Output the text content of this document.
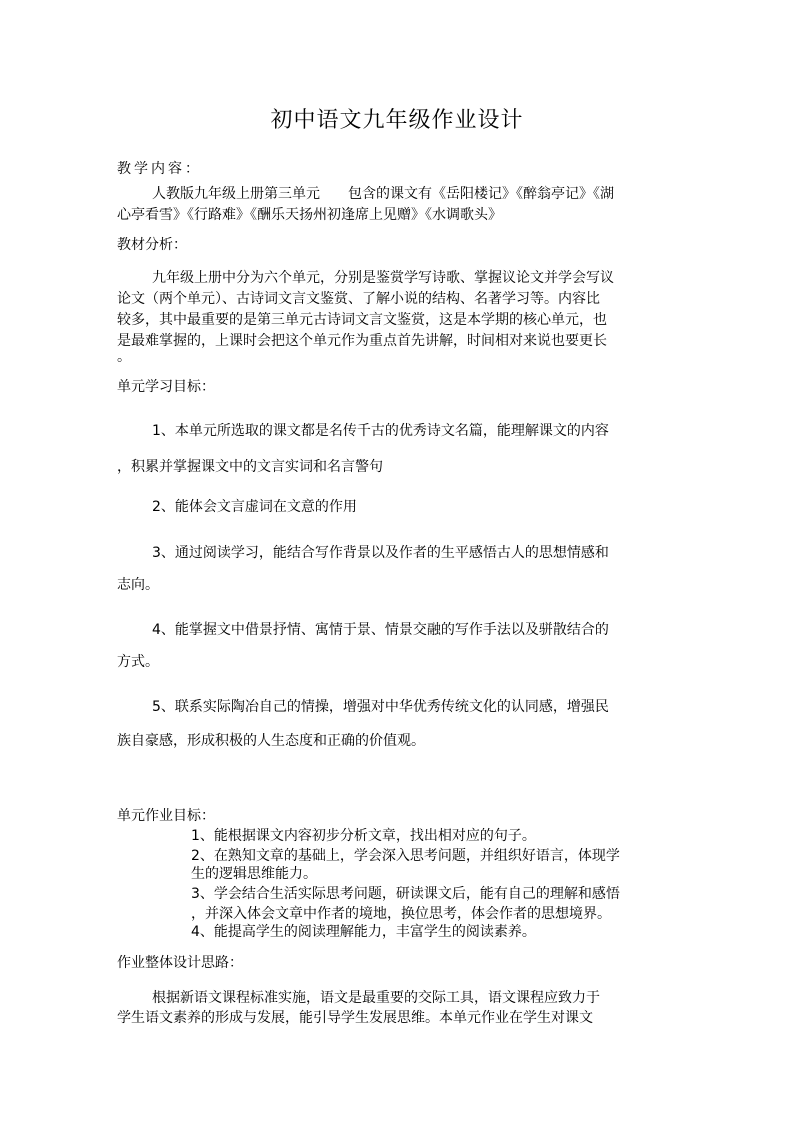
初中语文九年级作业设计
教学内容：
人教版九年级上册第三单元　　包含的课文有《岳阳楼记》《醉翁亭记》《湖
心亭看雪》《行路难》《酬乐天扬州初逢席上见赠》《水调歌头》
教材分析：
九年级上册中分为六个单元，分别是鉴赏学写诗歌、掌握议论文并学会写议
论文（两个单元）、古诗词文言文鉴赏、了解小说的结构、名著学习等。内容比
较多，其中最重要的是第三单元古诗词文言文鉴赏，这是本学期的核心单元，也
是最难掌握的，上课时会把这个单元作为重点首先讲解，时间相对来说也要更长
。
单元学习目标：
1、本单元所选取的课文都是名传千古的优秀诗文名篇，能理解课文的内容
，积累并掌握课文中的文言实词和名言警句
2、能体会文言虚词在文意的作用
3、通过阅读学习，能结合写作背景以及作者的生平感悟古人的思想情感和
志向。
4、能掌握文中借景抒情、寓情于景、情景交融的写作手法以及骈散结合的
方式。
5、联系实际陶冶自己的情操，增强对中华优秀传统文化的认同感，增强民
族自豪感，形成积极的人生态度和正确的价值观。
单元作业目标：
1、能根据课文内容初步分析文章，找出相对应的句子。
2、在熟知文章的基础上，学会深入思考问题，并组织好语言，体现学
生的逻辑思维能力。
3、学会结合生活实际思考问题，研读课文后，能有自己的理解和感悟
，并深入体会文章中作者的境地，换位思考，体会作者的思想境界。
4、能提高学生的阅读理解能力，丰富学生的阅读素养。
作业整体设计思路：
根据新语文课程标准实施，语文是最重要的交际工具，语文课程应致力于
学生语文素养的形成与发展，能引导学生发展思维。本单元作业在学生对课文
